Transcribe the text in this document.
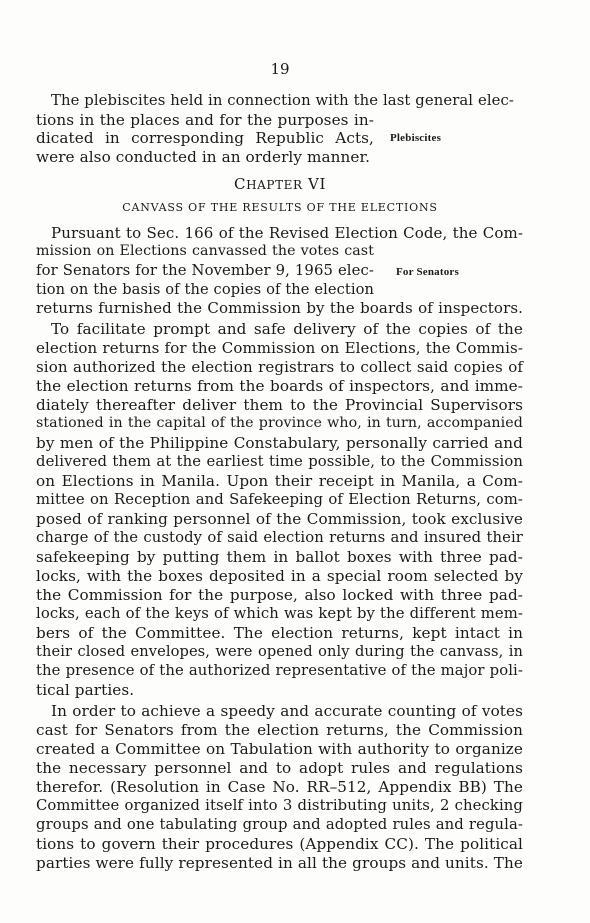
19
The plebiscites held in connection with the last general elec-
tions in the places and for the purposes in-
dicated in corresponding Republic Acts, Plebiscites
were also conducted in an orderly manner.
CHAPTER VI
CANVASS OF THE RESULTS OF THE ELECTIONS
Pursuant to Sec. 166 of the Revised Election Code, the Com-
mission on Elections canvassed the votes cast
for Senators for the November 9, 1965 elec- For Senators
tion on the basis of the copies of the election
returns furnished the Commission by the boards of inspectors.
To facilitate prompt and safe delivery of the copies of the
election returns for the Commission on Elections, the Commis-
sion authorized the election registrars to collect said copies of
the election returns from the boards of inspectors, and imme-
diately thereafter deliver them to the Provincial Supervisors
stationed in the capital of the province who, in turn, accompanied
by men of the Philippine Constabulary, personally carried and
delivered them at the earliest time possible, to the Commission
on Elections in Manila. Upon their receipt in Manila, a Com-
mittee on Reception and Safekeeping of Election Returns, com-
posed of ranking personnel of the Commission, took exclusive
charge of the custody of said election returns and insured their
safekeeping by putting them in ballot boxes with three pad-
locks, with the boxes deposited in a special room selected by
the Commission for the purpose, also locked with three pad-
locks, each of the keys of which was kept by the different mem-
bers of the Committee. The election returns, kept intact in
their closed envelopes, were opened only during the canvass, in
the presence of the authorized representative of the major poli-
tical parties.
In order to achieve a speedy and accurate counting of votes
cast for Senators from the election returns, the Commission
created a Committee on Tabulation with authority to organize
the necessary personnel and to adopt rules and regulations
therefor. (Resolution in Case No. RR–512, Appendix BB) The
Committee organized itself into 3 distributing units, 2 checking
groups and one tabulating group and adopted rules and regula-
tions to govern their procedures (Appendix CC). The political
parties were fully represented in all the groups and units. The
